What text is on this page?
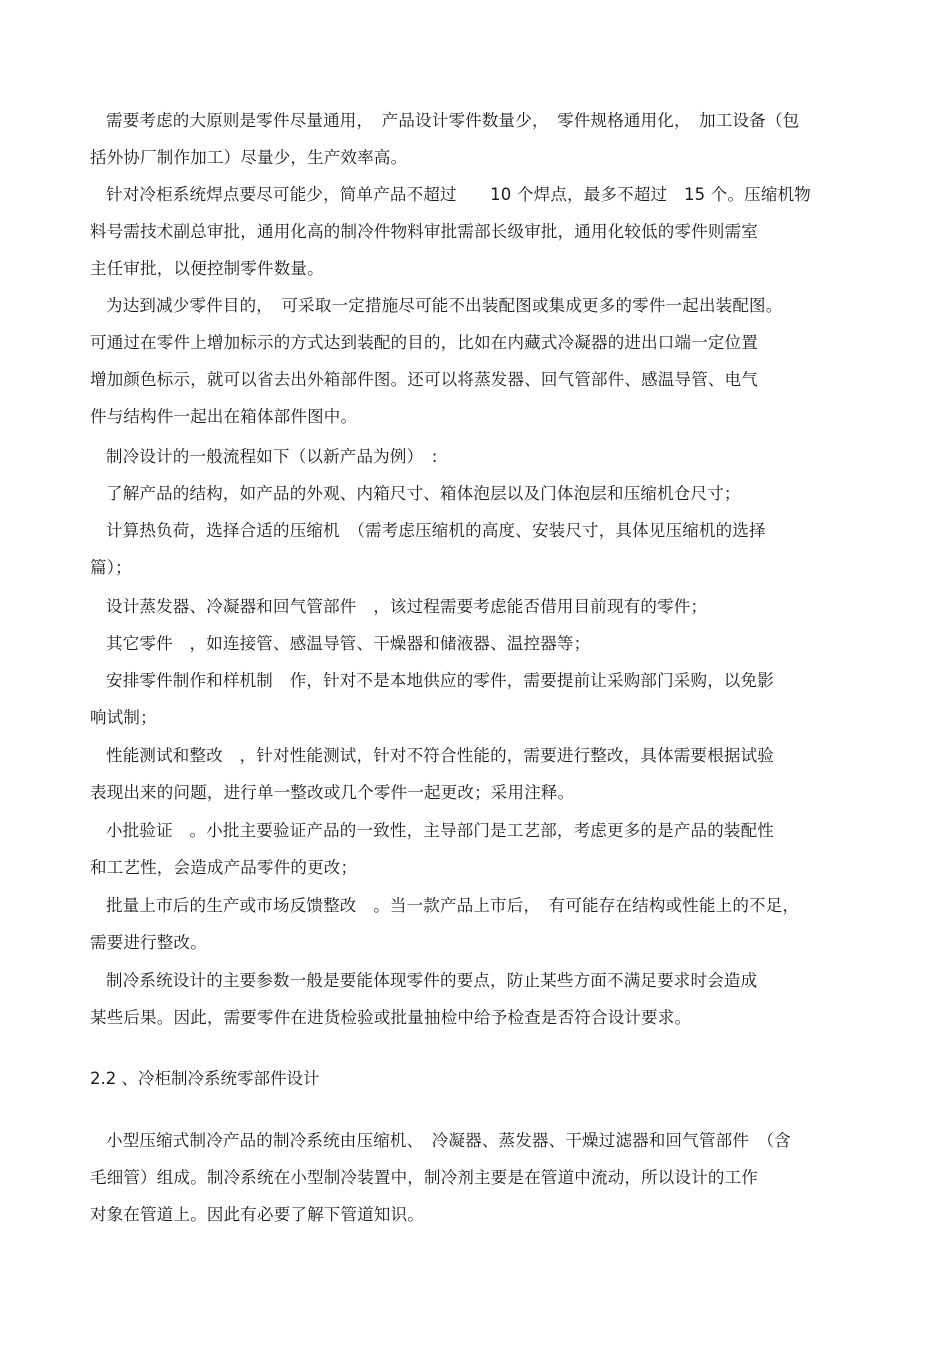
需要考虑的大原则是零件尽量通用，　产品设计零件数量少，　零件规格通用化，　加工设备（包
括外协厂制作加工）尽量少，生产效率高。
针对冷柜系统焊点要尽可能少，简单产品不超过　　10 个焊点，最多不超过　15 个。压缩机物
料号需技术副总审批，通用化高的制冷件物料审批需部长级审批，通用化较低的零件则需室
主任审批，以便控制零件数量。
为达到减少零件目的，　可采取一定措施尽可能不出装配图或集成更多的零件一起出装配图。
可通过在零件上增加标示的方式达到装配的目的，比如在内藏式冷凝器的进出口端一定位置
增加颜色标示，就可以省去出外箱部件图。还可以将蒸发器、回气管部件、感温导管、电气
件与结构件一起出在箱体部件图中。
制冷设计的一般流程如下（以新产品为例）　:
了解产品的结构，如产品的外观、内箱尺寸、箱体泡层以及门体泡层和压缩机仓尺寸；
计算热负荷，选择合适的压缩机　（需考虑压缩机的高度、安装尺寸，具体见压缩机的选择
篇）；
设计蒸发器、冷凝器和回气管部件　，该过程需要考虑能否借用目前现有的零件；
其它零件　，如连接管、感温导管、干燥器和储液器、温控器等；
安排零件制作和样机制　作，针对不是本地供应的零件，需要提前让采购部门采购，以免影
响试制；
性能测试和整改　，针对性能测试，针对不符合性能的，需要进行整改，具体需要根据试验
表现出来的问题，进行单一整改或几个零件一起更改；采用注释。
小批验证　。小批主要验证产品的一致性，主导部门是工艺部，考虑更多的是产品的装配性
和工艺性，会造成产品零件的更改；
批量上市后的生产或市场反馈整改　。当一款产品上市后，　有可能存在结构或性能上的不足，
需要进行整改。
制冷系统设计的主要参数一般是要能体现零件的要点，防止某些方面不满足要求时会造成
某些后果。因此，需要零件在进货检验或批量抽检中给予检查是否符合设计要求。
2.2 、冷柜制冷系统零部件设计
小型压缩式制冷产品的制冷系统由压缩机、　冷凝器、蒸发器、干燥过滤器和回气管部件　（含
毛细管）组成。制冷系统在小型制冷装置中，制冷剂主要是在管道中流动，所以设计的工作
对象在管道上。因此有必要了解下管道知识。
